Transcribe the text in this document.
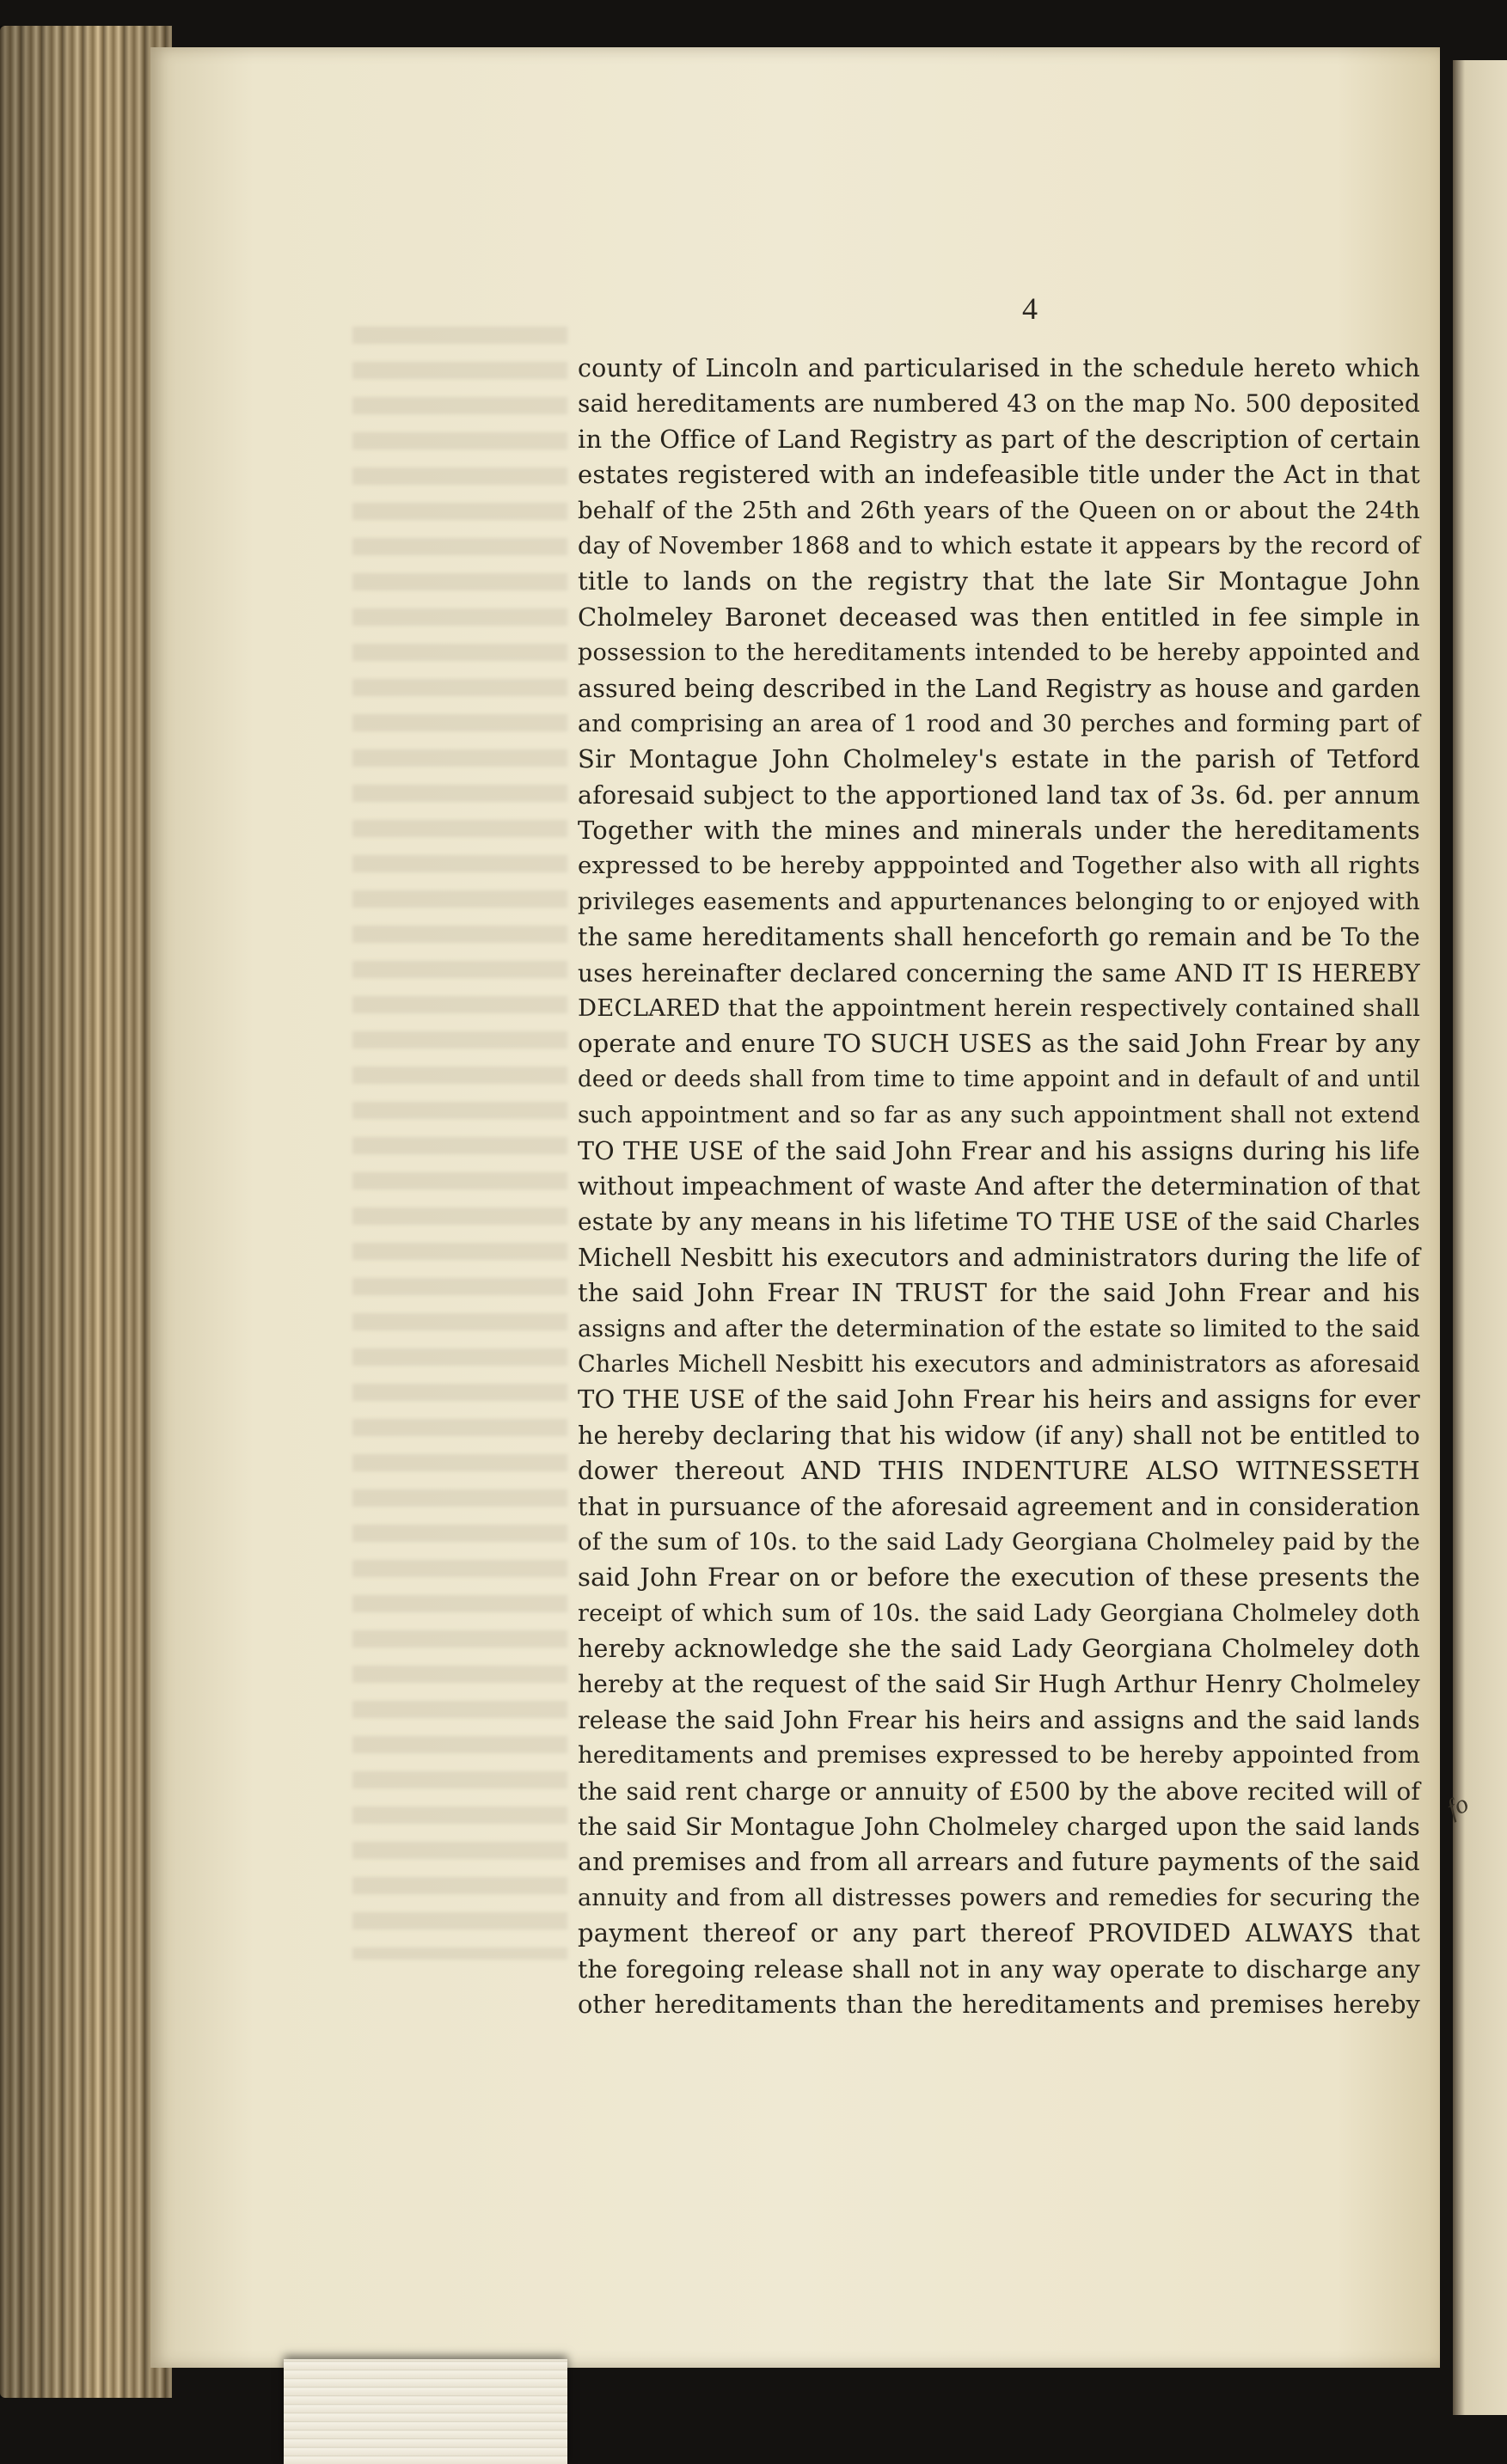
4
county of Lincoln and particularised in the schedule hereto which
said hereditaments are numbered 43 on the map No. 500 deposited
in the Office of Land Registry as part of the description of certain
estates registered with an indefeasible title under the Act in that
behalf of the 25th and 26th years of the Queen on or about the 24th
day of November 1868 and to which estate it appears by the record of
title to lands on the registry that the late Sir Montague John
Cholmeley Baronet deceased was then entitled in fee simple in
possession to the hereditaments intended to be hereby appointed and
assured being described in the Land Registry as house and garden
and comprising an area of 1 rood and 30 perches and forming part of
Sir Montague John Cholmeley's estate in the parish of Tetford
aforesaid subject to the apportioned land tax of 3s. 6d. per annum
Together with the mines and minerals under the hereditaments
expressed to be hereby apppointed and Together also with all rights
privileges easements and appurtenances belonging to or enjoyed with
the same hereditaments shall henceforth go remain and be To the
uses hereinafter declared concerning the same AND IT IS HEREBY
DECLARED that the appointment herein respectively contained shall
operate and enure TO SUCH USES as the said John Frear by any
deed or deeds shall from time to time appoint and in default of and until
such appointment and so far as any such appointment shall not extend
TO THE USE of the said John Frear and his assigns during his life
without impeachment of waste And after the determination of that
estate by any means in his lifetime TO THE USE of the said Charles
Michell Nesbitt his executors and administrators during the life of
the said John Frear IN TRUST for the said John Frear and his
assigns and after the determination of the estate so limited to the said
Charles Michell Nesbitt his executors and administrators as aforesaid
TO THE USE of the said John Frear his heirs and assigns for ever
he hereby declaring that his widow (if any) shall not be entitled to
dower thereout AND THIS INDENTURE ALSO WITNESSETH
that in pursuance of the aforesaid agreement and in consideration
of the sum of 10s. to the said Lady Georgiana Cholmeley paid by the
said John Frear on or before the execution of these presents the
receipt of which sum of 10s. the said Lady Georgiana Cholmeley doth
hereby acknowledge she the said Lady Georgiana Cholmeley doth
hereby at the request of the said Sir Hugh Arthur Henry Cholmeley
release the said John Frear his heirs and assigns and the said lands
hereditaments and premises expressed to be hereby appointed from
the said rent charge or annuity of £500 by the above recited will of
the said Sir Montague John Cholmeley charged upon the said lands
and premises and from all arrears and future payments of the said
annuity and from all distresses powers and remedies for securing the
payment thereof or any part thereof PROVIDED ALWAYS that
the foregoing release shall not in any way operate to discharge any
other hereditaments than the hereditaments and premises hereby
fo
